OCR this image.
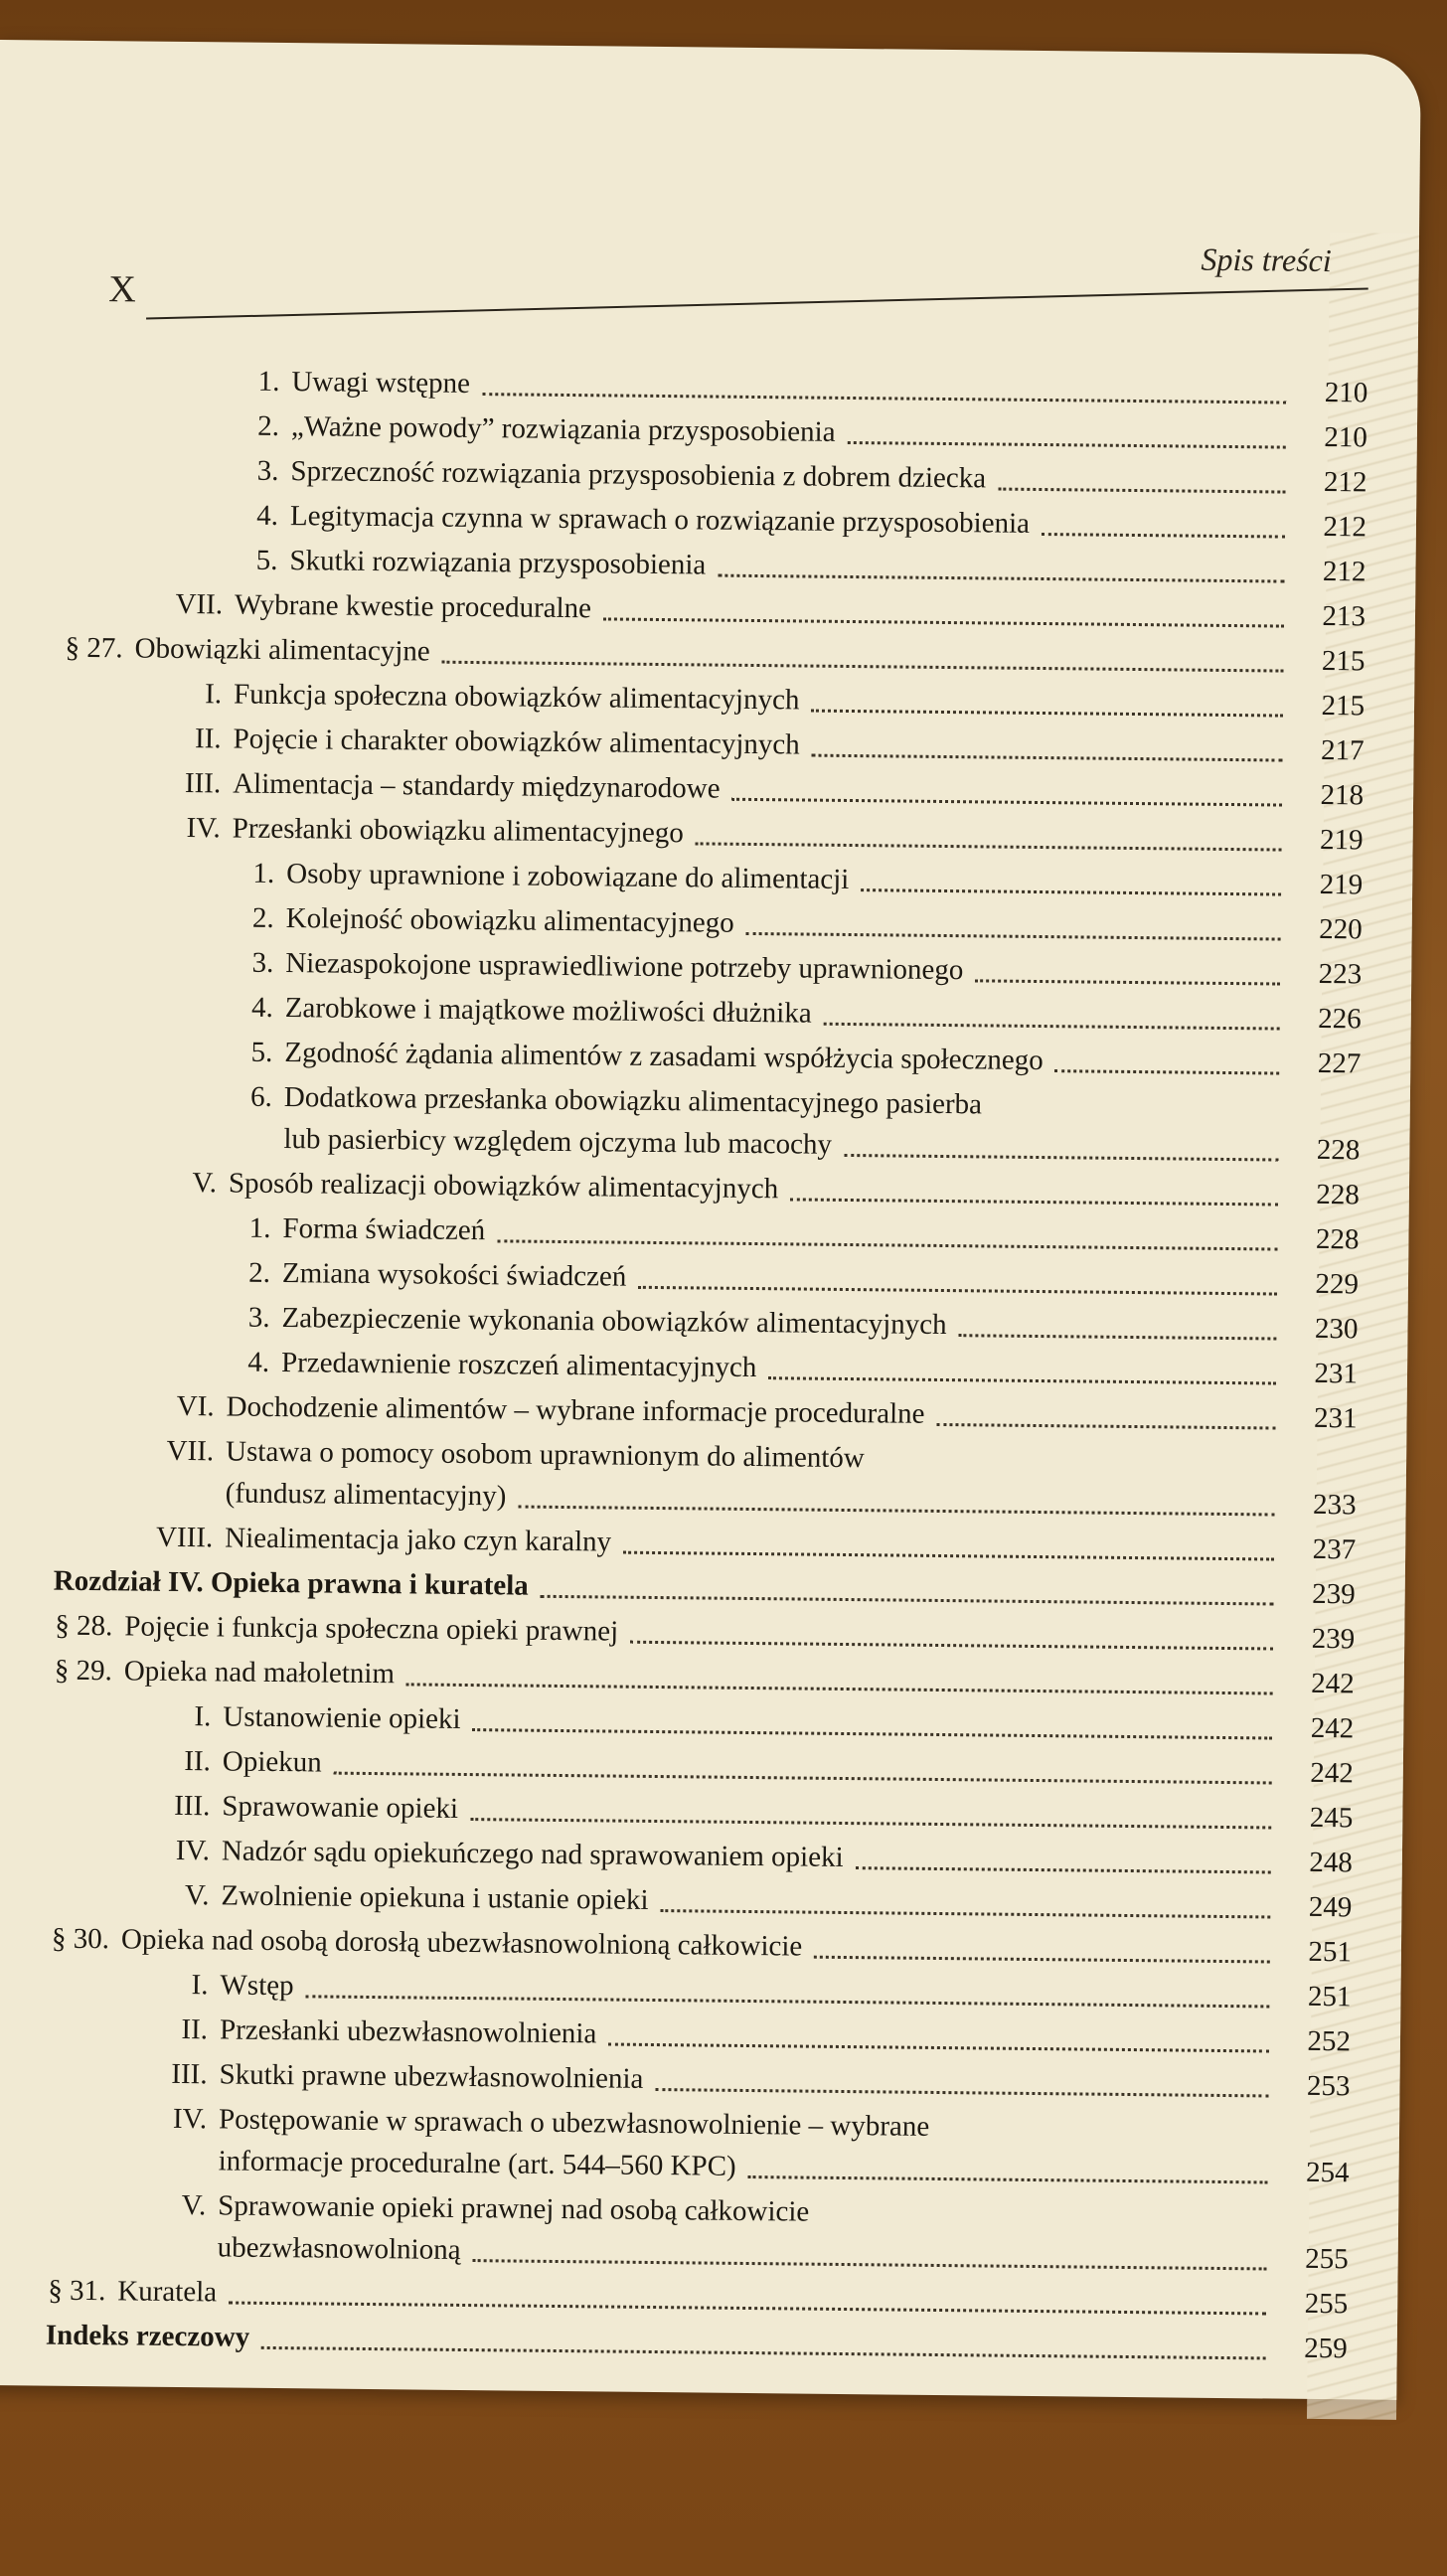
X
Spis treści
1. Uwagi wstępne	210
2. „Ważne powody” rozwiązania przysposobienia	210
3. Sprzeczność rozwiązania przysposobienia z dobrem dziecka	212
4. Legitymacja czynna w sprawach o rozwiązanie przysposobienia	212
5. Skutki rozwiązania przysposobienia	212
VII. Wybrane kwestie proceduralne	213
§ 27. Obowiązki alimentacyjne	215
I. Funkcja społeczna obowiązków alimentacyjnych	215
II. Pojęcie i charakter obowiązków alimentacyjnych	217
III. Alimentacja – standardy międzynarodowe	218
IV. Przesłanki obowiązku alimentacyjnego	219
1. Osoby uprawnione i zobowiązane do alimentacji	219
2. Kolejność obowiązku alimentacyjnego	220
3. Niezaspokojone usprawiedliwione potrzeby uprawnionego	223
4. Zarobkowe i majątkowe możliwości dłużnika	226
5. Zgodność żądania alimentów z zasadami współżycia społecznego	227
6. Dodatkowa przesłanka obowiązku alimentacyjnego pasierba
lub pasierbicy względem ojczyma lub macochy	228
V. Sposób realizacji obowiązków alimentacyjnych	228
1. Forma świadczeń	228
2. Zmiana wysokości świadczeń	229
3. Zabezpieczenie wykonania obowiązków alimentacyjnych	230
4. Przedawnienie roszczeń alimentacyjnych	231
VI. Dochodzenie alimentów – wybrane informacje proceduralne	231
VII. Ustawa o pomocy osobom uprawnionym do alimentów
(fundusz alimentacyjny)	233
VIII. Niealimentacja jako czyn karalny	237
Rozdział IV. Opieka prawna i kuratela	239
§ 28. Pojęcie i funkcja społeczna opieki prawnej	239
§ 29. Opieka nad małoletnim	242
I. Ustanowienie opieki	242
II. Opiekun	242
III. Sprawowanie opieki	245
IV. Nadzór sądu opiekuńczego nad sprawowaniem opieki	248
V. Zwolnienie opiekuna i ustanie opieki	249
§ 30. Opieka nad osobą dorosłą ubezwłasnowolnioną całkowicie	251
I. Wstęp	251
II. Przesłanki ubezwłasnowolnienia	252
III. Skutki prawne ubezwłasnowolnienia	253
IV. Postępowanie w sprawach o ubezwłasnowolnienie – wybrane
informacje proceduralne (art. 544–560 KPC)	254
V. Sprawowanie opieki prawnej nad osobą całkowicie
ubezwłasnowolnioną	255
§ 31. Kuratela	255
Indeks rzeczowy	259
